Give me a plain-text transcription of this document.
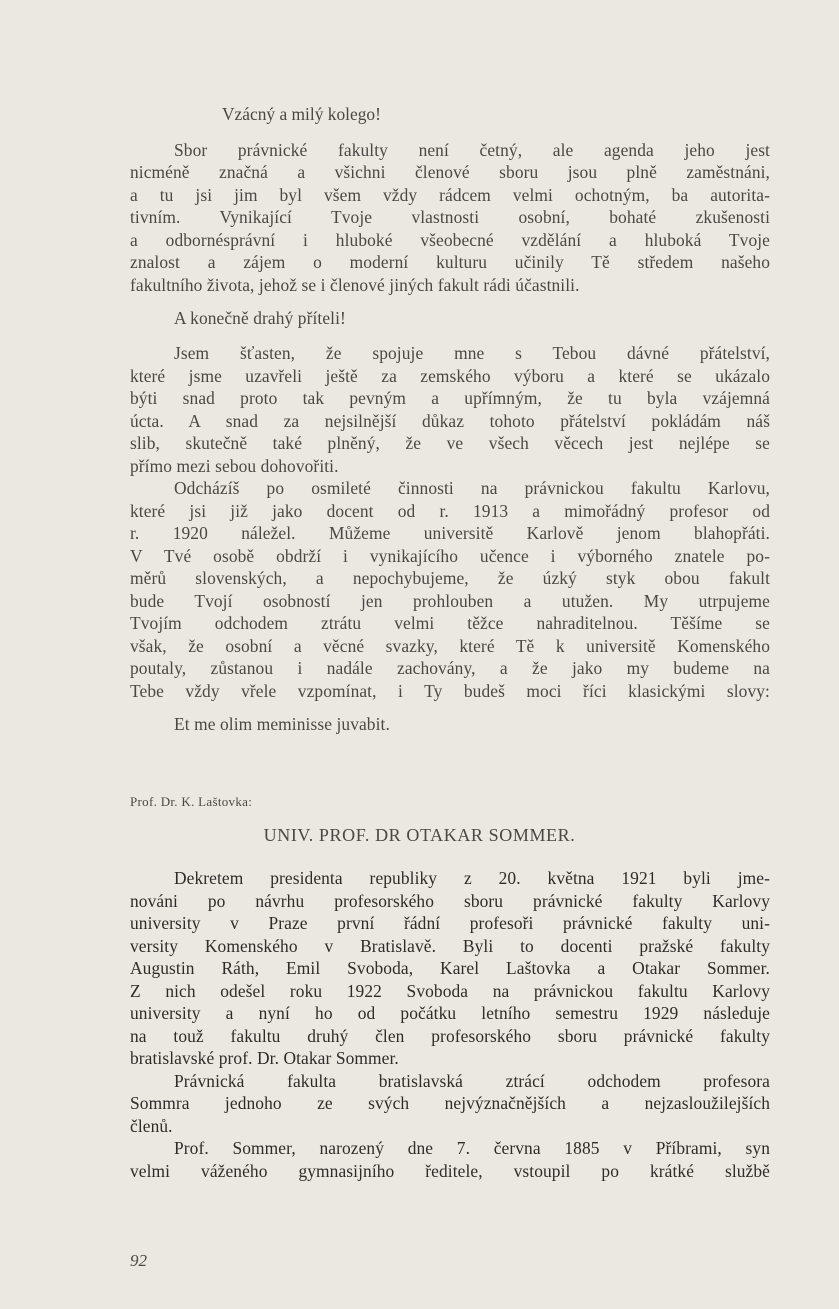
Vzácný a milý kolego!
Sbor právnické fakulty není četný, ale agenda jeho jest
nicméně značná a všichni členové sboru jsou plně zaměstnáni,
a tu jsi jim byl všem vždy rádcem velmi ochotným, ba autorita-
tivním. Vynikající Tvoje vlastnosti osobní, bohaté zkušenosti
a odbornésprávní i hluboké všeobecné vzdělání a hluboká Tvoje
znalost a zájem o moderní kulturu učinily Tě středem našeho
fakultního života, jehož se i členové jiných fakult rádi účastnili.
A konečně drahý příteli!
Jsem šťasten, že spojuje mne s Tebou dávné přátelství,
které jsme uzavřeli ještě za zemského výboru a které se ukázalo
býti snad proto tak pevným a upřímným, že tu byla vzájemná
úcta. A snad za nejsilnější důkaz tohoto přátelství pokládám náš
slib, skutečně také plněný, že ve všech věcech jest nejlépe se
přímo mezi sebou dohovořiti.
Odcházíš po osmileté činnosti na právnickou fakultu Karlovu,
které jsi již jako docent od r. 1913 a mimořádný profesor od
r. 1920 náležel. Můžeme universitě Karlově jenom blahopřáti.
V Tvé osobě obdrží i vynikajícího učence i výborného znatele po-
měrů slovenských, a nepochybujeme, že úzký styk obou fakult
bude Tvojí osobností jen prohlouben a utužen. My utrpujeme
Tvojím odchodem ztrátu velmi těžce nahraditelnou. Těšíme se
však, že osobní a věcné svazky, které Tě k universitě Komenského
poutaly, zůstanou i nadále zachovány, a že jako my budeme na
Tebe vždy vřele vzpomínat, i Ty budeš moci říci klasickými slovy:
Et me olim meminisse juvabit.
Prof. Dr. K. Laštovka:
UNIV. PROF. DR OTAKAR SOMMER.
Dekretem presidenta republiky z 20. května 1921 byli jme-
nováni po návrhu profesorského sboru právnické fakulty Karlovy
university v Praze první řádní profesoři právnické fakulty uni-
versity Komenského v Bratislavě. Byli to docenti pražské fakulty
Augustin Ráth, Emil Svoboda, Karel Laštovka a Otakar Sommer.
Z nich odešel roku 1922 Svoboda na právnickou fakultu Karlovy
university a nyní ho od počátku letního semestru 1929 následuje
na touž fakultu druhý člen profesorského sboru právnické fakulty
bratislavské prof. Dr. Otakar Sommer.
Právnická fakulta bratislavská ztrácí odchodem profesora
Sommra jednoho ze svých nejvýznačnějších a nejzasloužilejších
členů.
Prof. Sommer, narozený dne 7. června 1885 v Příbrami, syn
velmi váženého gymnasijního ředitele, vstoupil po krátké službě
92
